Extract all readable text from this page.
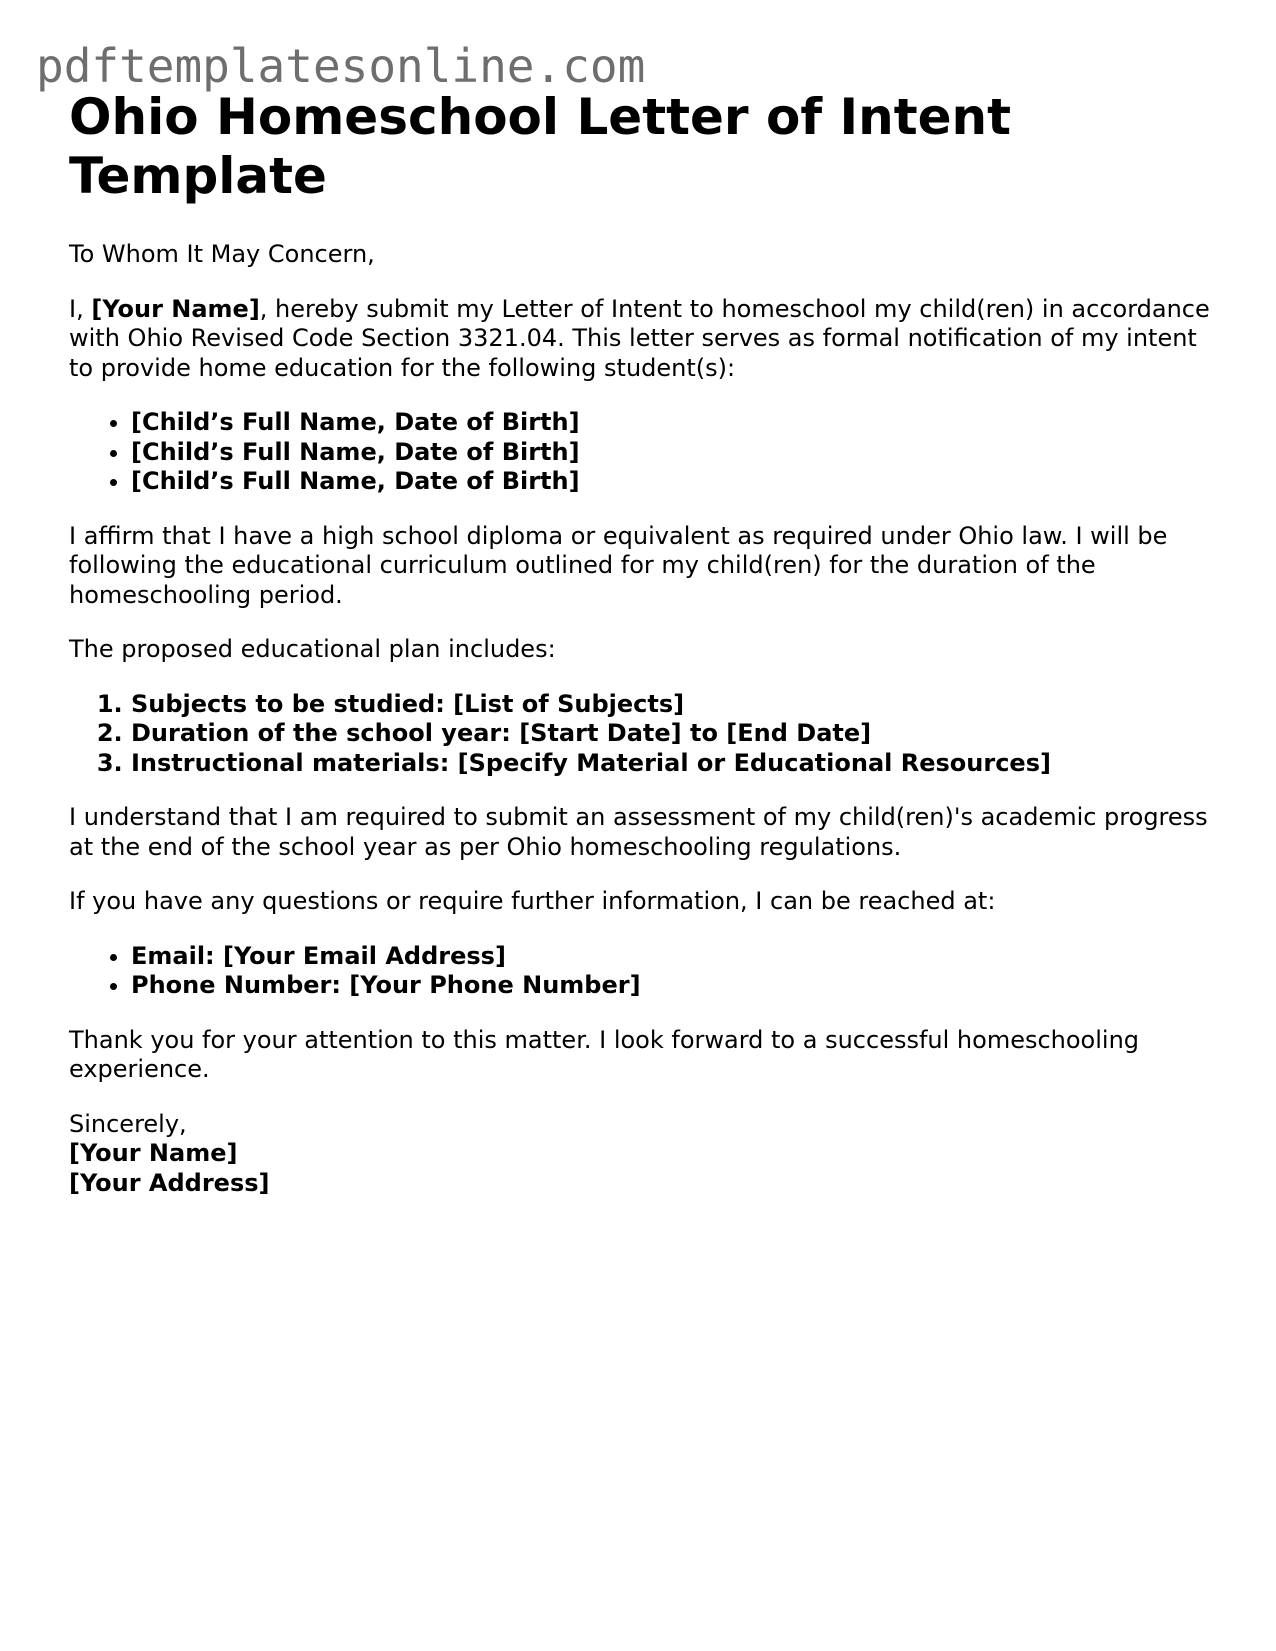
pdftemplatesonline.com
Ohio Homeschool Letter of Intent Template

To Whom It May Concern,

I, [Your Name], hereby submit my Letter of Intent to homeschool my child(ren) in accordance with Ohio Revised Code Section 3321.04. This letter serves as formal notification of my intent to provide home education for the following student(s):

• [Child’s Full Name, Date of Birth]
• [Child’s Full Name, Date of Birth]
• [Child’s Full Name, Date of Birth]

I affirm that I have a high school diploma or equivalent as required under Ohio law. I will be following the educational curriculum outlined for my child(ren) for the duration of the homeschooling period.

The proposed educational plan includes:

1. Subjects to be studied: [List of Subjects]
2. Duration of the school year: [Start Date] to [End Date]
3. Instructional materials: [Specify Material or Educational Resources]

I understand that I am required to submit an assessment of my child(ren)'s academic progress at the end of the school year as per Ohio homeschooling regulations.

If you have any questions or require further information, I can be reached at:

• Email: [Your Email Address]
• Phone Number: [Your Phone Number]

Thank you for your attention to this matter. I look forward to a successful homeschooling experience.

Sincerely,
[Your Name]
[Your Address]
